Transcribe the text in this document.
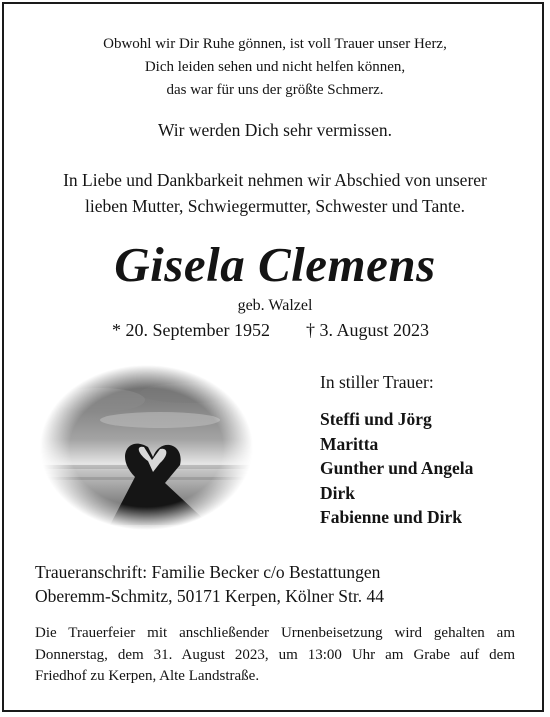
Obwohl wir Dir Ruhe gönnen, ist voll Trauer unser Herz,
Dich leiden sehen und nicht helfen können,
das war für uns der größte Schmerz.
Wir werden Dich sehr vermissen.
In Liebe und Dankbarkeit nehmen wir Abschied von unserer
lieben Mutter, Schwiegermutter, Schwester und Tante.
Gisela Clemens
geb. Walzel
* 20. September 1952 † 3. August 2023
In stiller Trauer:
Steffi und Jörg
Maritta
Gunther und Angela
Dirk
Fabienne und Dirk
Traueranschrift: Familie Becker c/o Bestattungen
Oberemm-Schmitz, 50171 Kerpen, Kölner Str. 44
Die Trauerfeier mit anschließender Urnenbeisetzung wird gehalten am
Donnerstag, dem 31. August 2023, um 13:00 Uhr am Grabe auf dem
Friedhof zu Kerpen, Alte Landstraße.
